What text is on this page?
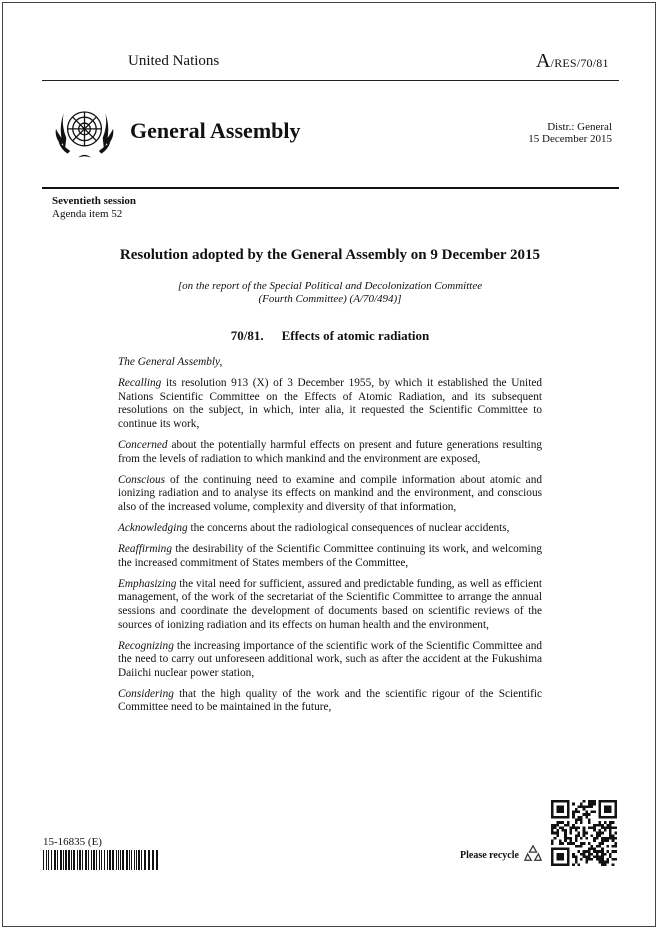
United Nations	A/RES/70/81
General Assembly	Distr.: General
15 December 2015
Seventieth session
Agenda item 52
Resolution adopted by the General Assembly on 9 December 2015
[on the report of the Special Political and Decolonization Committee
(Fourth Committee) (A/70/494)]
70/81. Effects of atomic radiation

The General Assembly,

Recalling its resolution 913 (X) of 3 December 1955, by which it established the United Nations Scientific Committee on the Effects of Atomic Radiation, and its subsequent resolutions on the subject, in which, inter alia, it requested the Scientific Committee to continue its work,

Concerned about the potentially harmful effects on present and future generations resulting from the levels of radiation to which mankind and the environment are exposed,

Conscious of the continuing need to examine and compile information about atomic and ionizing radiation and to analyse its effects on mankind and the environment, and conscious also of the increased volume, complexity and diversity of that information,

Acknowledging the concerns about the radiological consequences of nuclear accidents,

Reaffirming the desirability of the Scientific Committee continuing its work, and welcoming the increased commitment of States members of the Committee,

Emphasizing the vital need for sufficient, assured and predictable funding, as well as efficient management, of the work of the secretariat of the Scientific Committee to arrange the annual sessions and coordinate the development of documents based on scientific reviews of the sources of ionizing radiation and its effects on human health and the environment,

Recognizing the increasing importance of the scientific work of the Scientific Committee and the need to carry out unforeseen additional work, such as after the accident at the Fukushima Daiichi nuclear power station,

Considering that the high quality of the work and the scientific rigour of the Scientific Committee need to be maintained in the future,

15-16835 (E)
Please recycle
